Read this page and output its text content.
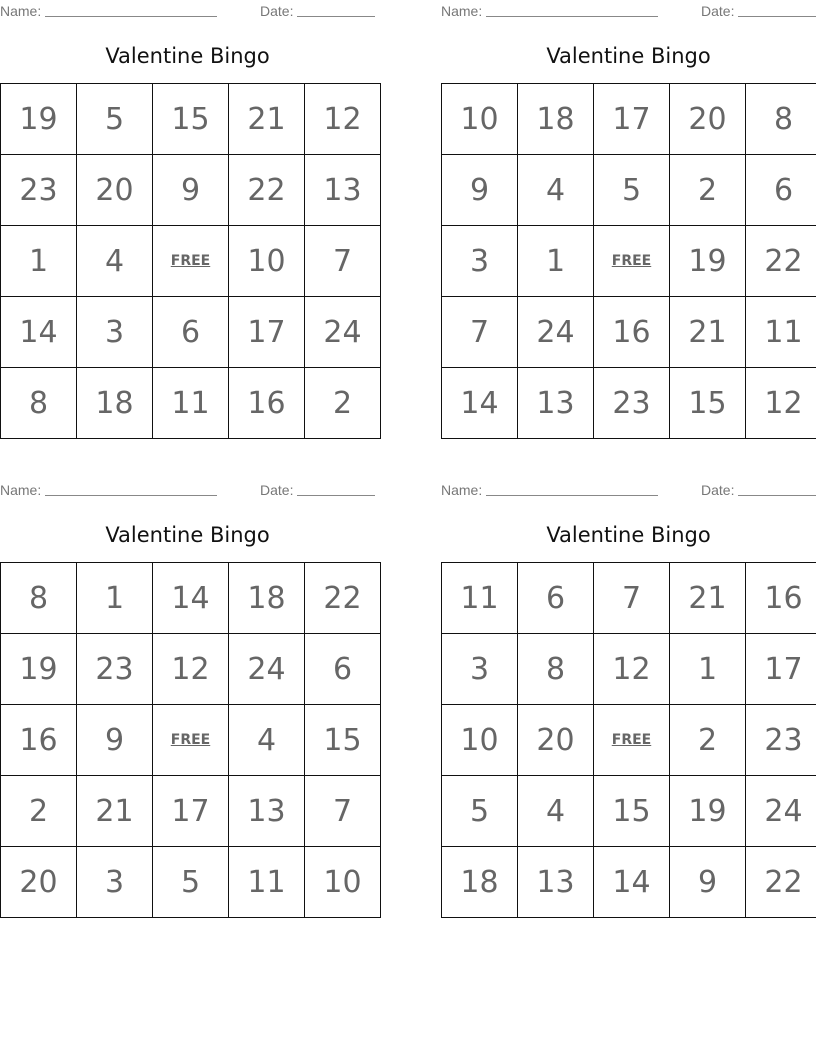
Name:	Date:
Valentine Bingo
19	5	15	21	12
23	20	9	22	13
1	4	FREE	10	7
14	3	6	17	24
8	18	11	16	2
Name:	Date:
Valentine Bingo
10	18	17	20	8
9	4	5	2	6
3	1	FREE	19	22
7	24	16	21	11
14	13	23	15	12
Name:	Date:
Valentine Bingo
8	1	14	18	22
19	23	12	24	6
16	9	FREE	4	15
2	21	17	13	7
20	3	5	11	10
Name:	Date:
Valentine Bingo
11	6	7	21	16
3	8	12	1	17
10	20	FREE	2	23
5	4	15	19	24
18	13	14	9	22
